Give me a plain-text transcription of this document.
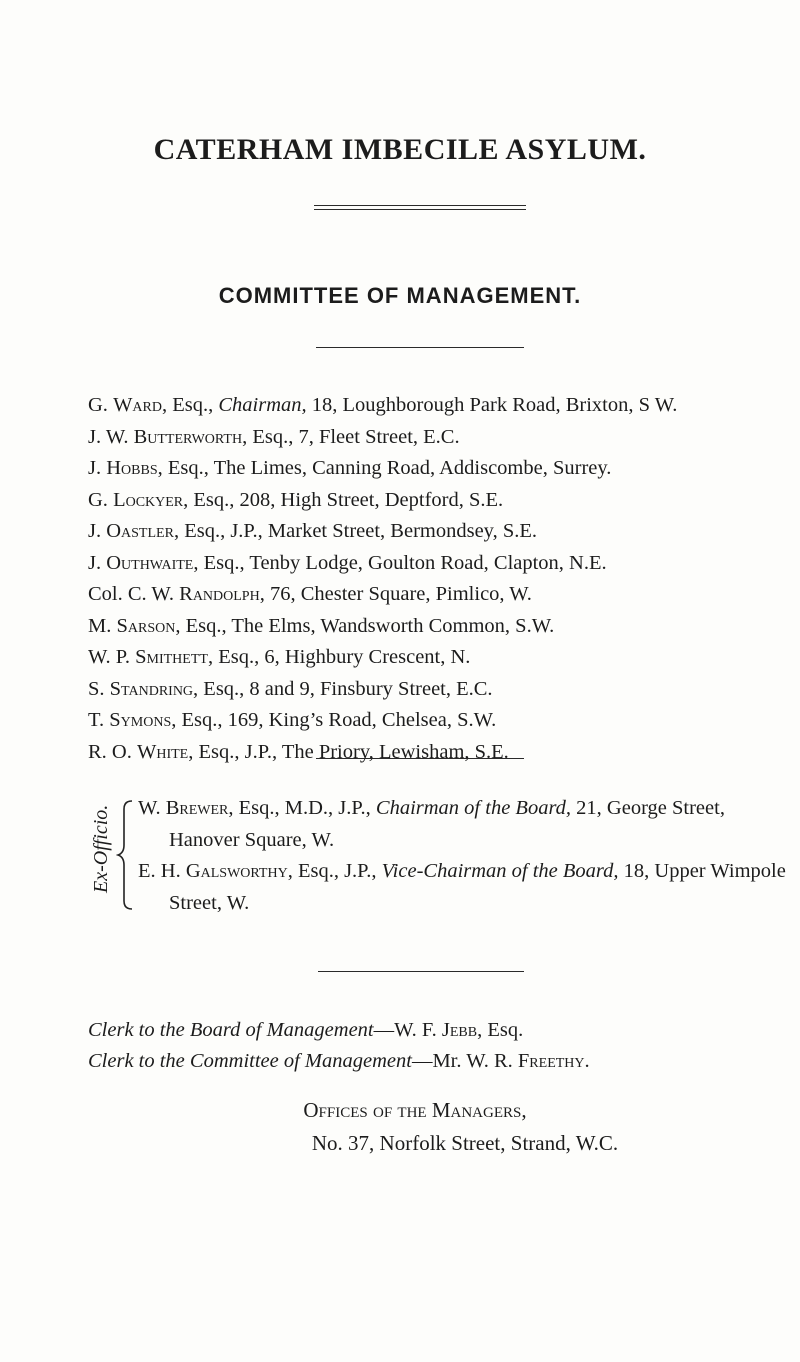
CATERHAM IMBECILE ASYLUM.
COMMITTEE OF MANAGEMENT.
G. Ward, Esq., Chairman, 18, Loughborough Park Road, Brixton, S W.
J. W. Butterworth, Esq., 7, Fleet Street, E.C.
J. Hobbs, Esq., The Limes, Canning Road, Addiscombe, Surrey.
G. Lockyer, Esq., 208, High Street, Deptford, S.E.
J. Oastler, Esq., J.P., Market Street, Bermondsey, S.E.
J. Outhwaite, Esq., Tenby Lodge, Goulton Road, Clapton, N.E.
Col. C. W. Randolph, 76, Chester Square, Pimlico, W.
M. Sarson, Esq., The Elms, Wandsworth Common, S.W.
W. P. Smithett, Esq., 6, Highbury Crescent, N.
S. Standring, Esq., 8 and 9, Finsbury Street, E.C.
T. Symons, Esq., 169, King’s Road, Chelsea, S.W.
R. O. White, Esq., J.P., The Priory, Lewisham, S.E.
Ex-Officio. W. Brewer, Esq., M.D., J.P., Chairman of the Board, 21, George Street, Hanover Square, W.
E. H. Galsworthy, Esq., J.P., Vice-Chairman of the Board, 18, Upper Wimpole Street, W.

Clerk to the Board of Management—W. F. Jebb, Esq.

Clerk to the Committee of Management—Mr. W. R. Freethy.

Offices of the Managers,

No. 37, Norfolk Street, Strand, W.C.
